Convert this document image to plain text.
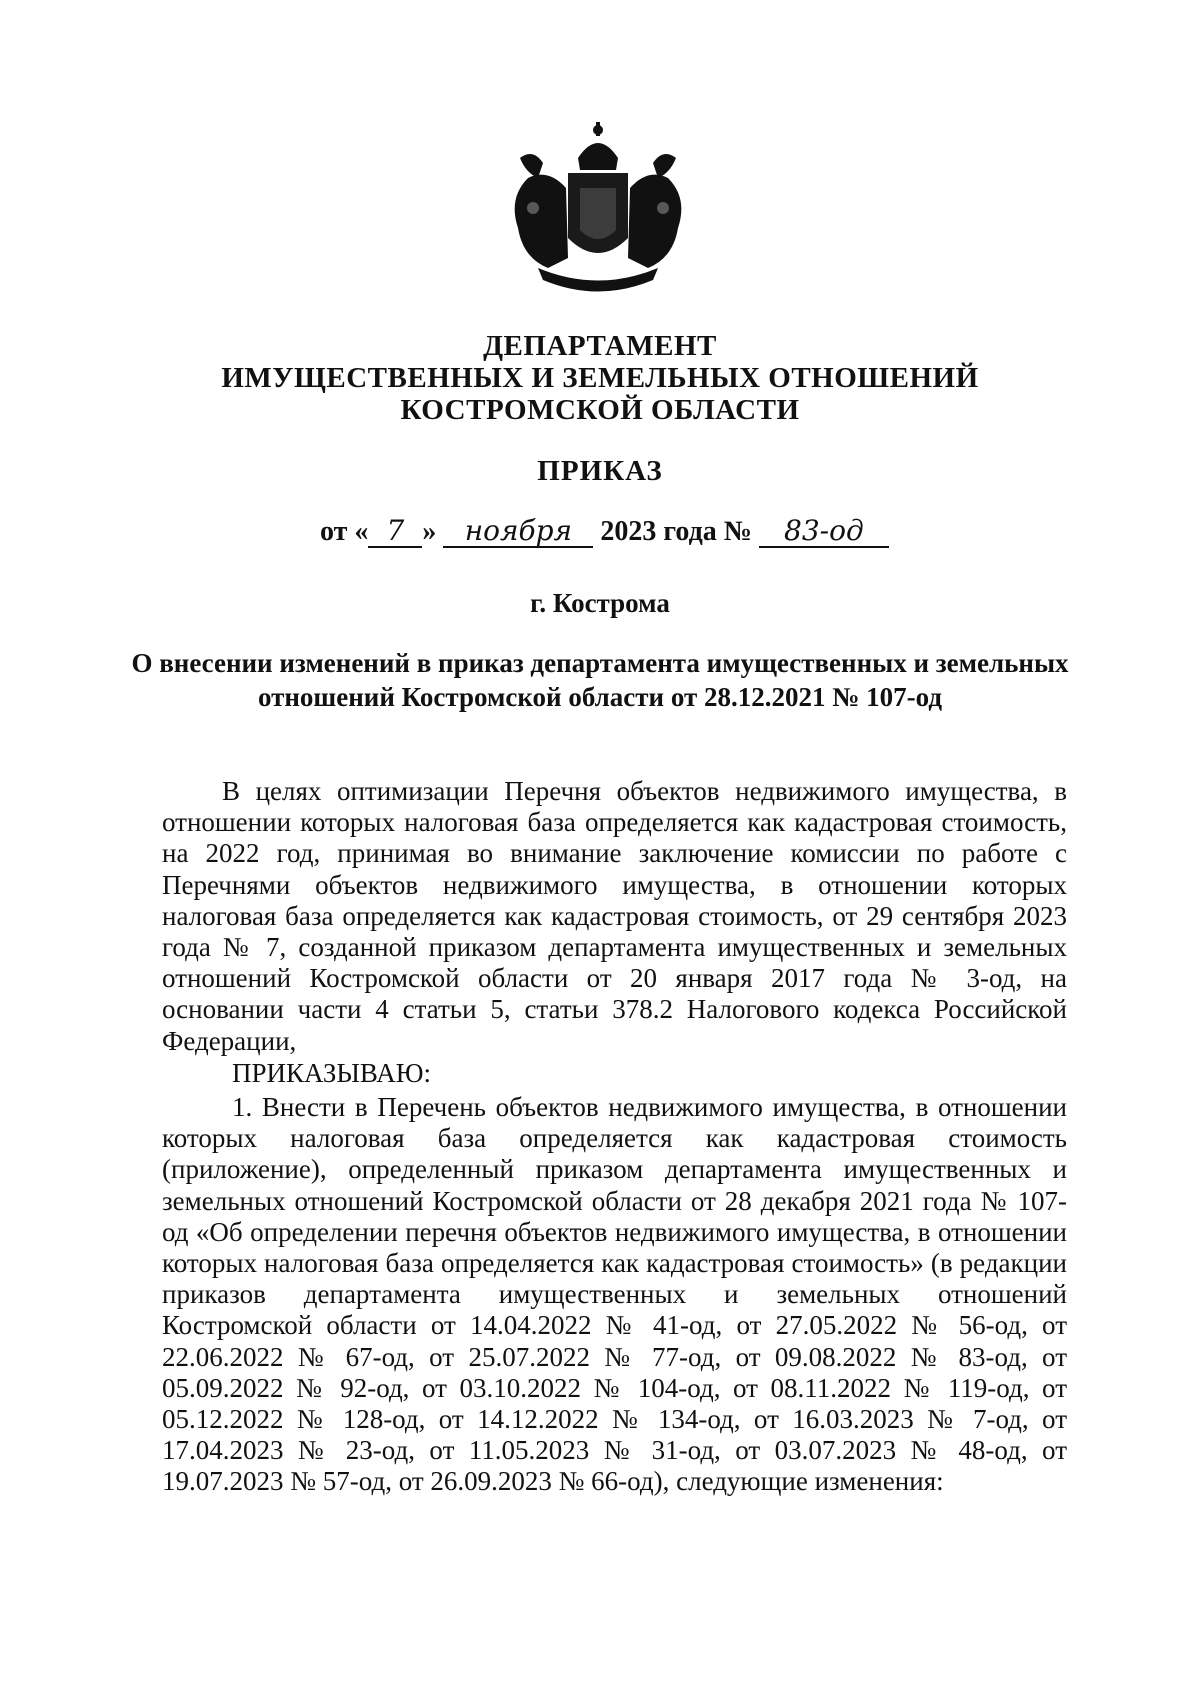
ДЕПАРТАМЕНТ
ИМУЩЕСТВЕННЫХ И ЗЕМЕЛЬНЫХ ОТНОШЕНИЙ
КОСТРОМСКОЙ ОБЛАСТИ
ПРИКАЗ
от « 7 » ноября 2023 года № 83-од
г. Кострома
О внесении изменений в приказ департамента имущественных и земельных отношений Костромской области от 28.12.2021 № 107-од
В целях оптимизации Перечня объектов недвижимого имущества, в отношении которых налоговая база определяется как кадастровая стоимость, на 2022 год, принимая во внимание заключение комиссии по работе с Перечнями объектов недвижимого имущества, в отношении которых налоговая база определяется как кадастровая стоимость, от 29 сентября 2023 года № 7, созданной приказом департамента имущественных и земельных отношений Костромской области от 20 января 2017 года № 3-од, на основании части 4 статьи 5, статьи 378.2 Налогового кодекса Российской Федерации,
ПРИКАЗЫВАЮ:
1. Внести в Перечень объектов недвижимого имущества, в отношении которых налоговая база определяется как кадастровая стоимость (приложение), определенный приказом департамента имущественных и земельных отношений Костромской области от 28 декабря 2021 года № 107-од «Об определении перечня объектов недвижимого имущества, в отношении которых налоговая база определяется как кадастровая стоимость» (в редакции приказов департамента имущественных и земельных отношений Костромской области от 14.04.2022 № 41-од, от 27.05.2022 № 56-од, от 22.06.2022 № 67-од, от 25.07.2022 № 77-од, от 09.08.2022 № 83-од, от 05.09.2022 № 92-од, от 03.10.2022 № 104-од, от 08.11.2022 № 119-од, от 05.12.2022 № 128-од, от 14.12.2022 № 134-од, от 16.03.2023 № 7-од, от 17.04.2023 № 23-од, от 11.05.2023 № 31-од, от 03.07.2023 № 48-од, от 19.07.2023 № 57-од, от 26.09.2023 № 66-од), следующие изменения:
